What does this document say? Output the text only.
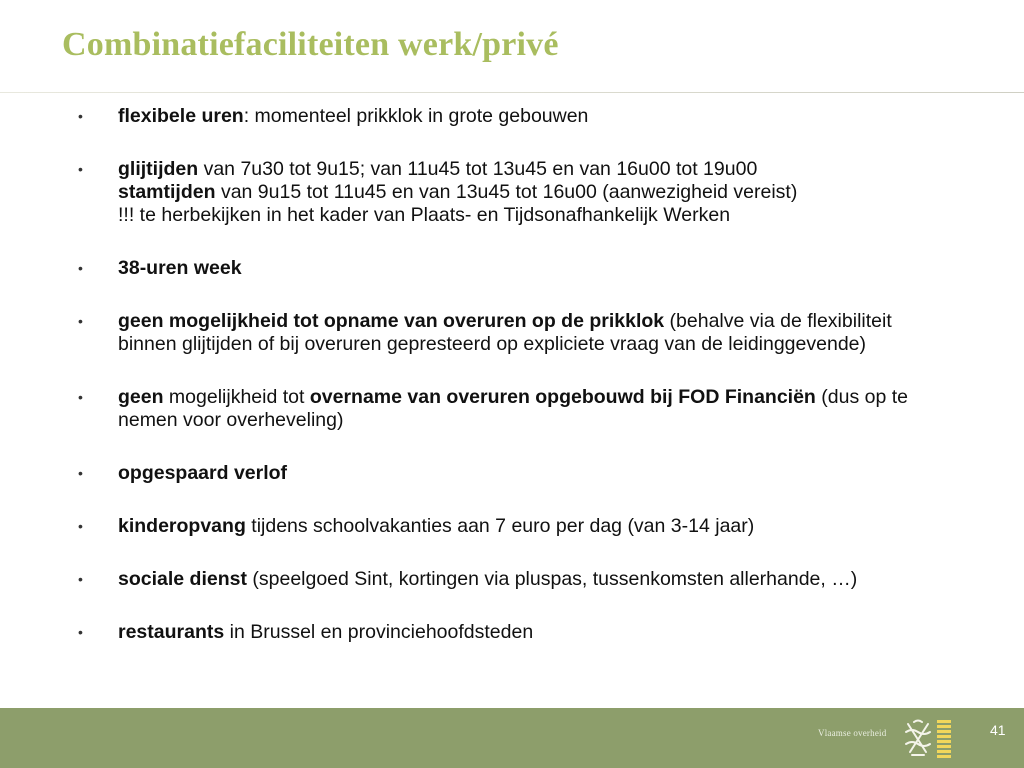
Combinatiefaciliteiten werk/privé
• flexibele uren: momenteel prikklok in grote gebouwen
• glijtijden van 7u30 tot 9u15; van 11u45 tot 13u45 en van 16u00 tot 19u00
stamtijden van 9u15 tot 11u45 en van 13u45 tot 16u00 (aanwezigheid vereist)
!!! te herbekijken in het kader van Plaats- en Tijdsonafhankelijk Werken
• 38-uren week
• geen mogelijkheid tot opname van overuren op de prikklok (behalve via de flexibiliteit binnen glijtijden of bij overuren gepresteerd op expliciete vraag van de leidinggevende)
• geen mogelijkheid tot overname van overuren opgebouwd bij FOD Financiën (dus op te nemen voor overheveling)
• opgespaard verlof
• kinderopvang tijdens schoolvakanties aan 7 euro per dag (van 3-14 jaar)
• sociale dienst (speelgoed Sint, kortingen via pluspas, tussenkomsten allerhande, …)
• restaurants in Brussel en provinciehoofdsteden
Vlaamse overheid	41
